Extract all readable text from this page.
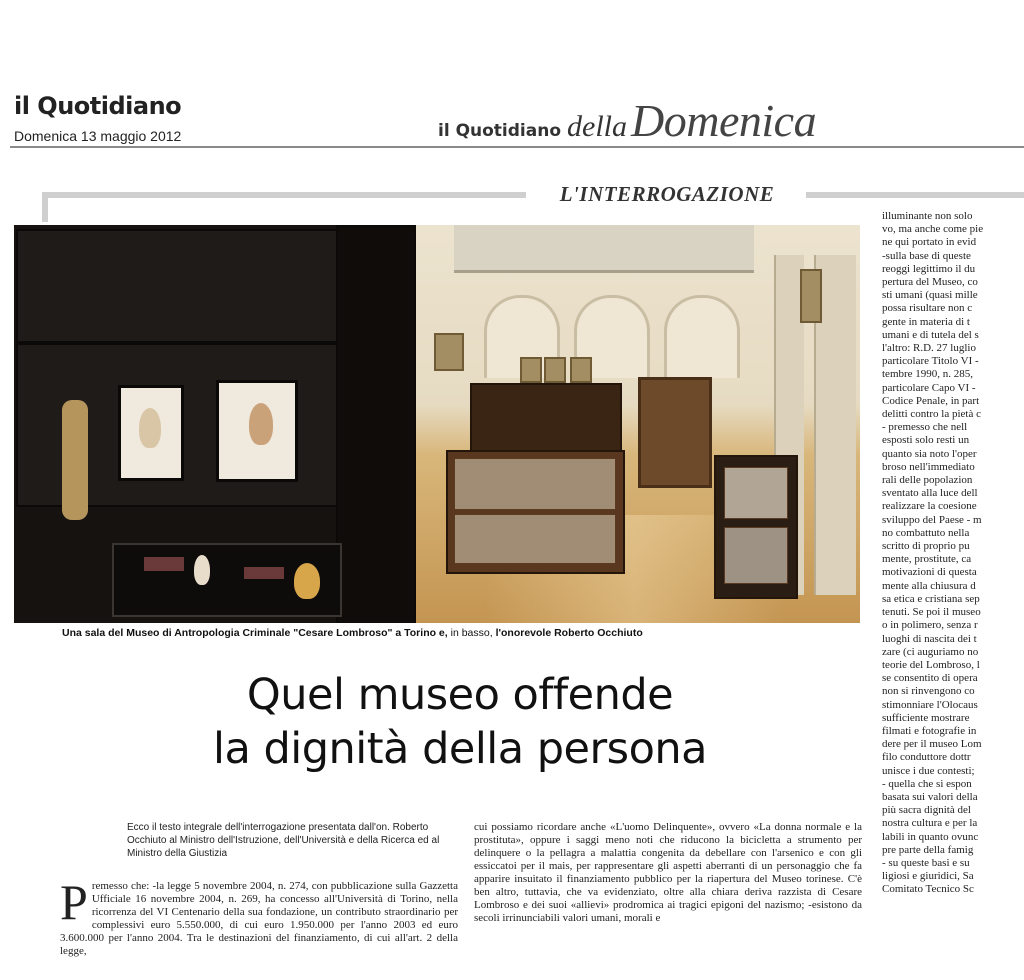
il Quotidiano
Domenica 13 maggio 2012	il Quotidiano dellaDomenica
L'INTERROGAZIONE
Una sala del Museo di Antropologia Criminale "Cesare Lombroso" a Torino e, in basso, l'onorevole Roberto Occhiuto
Quel museo offende
la dignità della persona
Ecco il testo integrale dell'interrogazione presentata dall'on. Roberto Occhiuto al Ministro dell'Istruzione, dell'Università e della Ricerca ed al Ministro della Giustizia
Premesso che: -la legge 5 novembre 2004, n. 274, con pubblicazione sulla Gazzetta Ufficiale 16 novembre 2004, n. 269, ha concesso all'Università di Torino, nella ricorrenza del VI Centenario della sua fondazione, un contributo straordinario per complessivi euro 5.550.000, di cui euro 1.950.000 per l'anno 2003 ed euro 3.600.000 per l'anno 2004. Tra le destinazioni del finanziamento, di cui all'art. 2 della legge,
cui possiamo ricordare anche «L'uomo Delinquente», ovvero «La donna normale e la prostituta», oppure i saggi meno noti che riducono la bicicletta a strumento per delinquere o la pellagra a malattia congenita da debellare con l'arsenico e con gli essiccatoi per il mais, per rappresentare gli aspetti aberranti di un personaggio che fa apparire insuitato il finanziamento pubblico per la riapertura del Museo torinese. C'è ben altro, tuttavia, che va evidenziato, oltre alla chiara deriva razzista di Cesare Lombroso e dei suoi «allievi» prodromica ai tragici epigoni del nazismo; -esistono da secoli irrinunciabili valori umani, morali e
illuminante non solo
vo, ma anche come pie
ne qui portato in evid
-sulla base di queste
reoggi legittimo il du
pertura del Museo, co
sti umani (quasi mille
possa risultare non c
gente in materia di t
umani e di tutela del s
l'altro: R.D. 27 luglio
particolare Titolo VI -
tembre 1990, n. 285,
particolare Capo VI -
Codice Penale, in part
delitti contro la pietà c
- premesso che nell
esposti solo resti un
quanto sia noto l'oper
broso nell'immediato
rali delle popolazion
sventato alla luce dell
realizzare la coesione
sviluppo del Paese - m
no combattuto nella
scritto di proprio pu
mente, prostitute, ca
motivazioni di questa
mente alla chiusura d
sa etica e cristiana sep
tenuti. Se poi il museo
o in polimero, senza r
luoghi di nascita dei t
zare (ci auguriamo no
teorie del Lombroso, l
se consentito di opera
non si rinvengono co
stimonniare l'Olocaus
sufficiente mostrare
filmati e fotografie in
dere per il museo Lom
filo conduttore dottr
unisce i due contesti;
- quella che si espon
basata sui valori della
più sacra dignità del
nostra cultura e per la
labili in quanto ovunc
pre parte della famig
- su queste basi e su
ligiosi e giuridici, Sa
Comitato Tecnico Sc
